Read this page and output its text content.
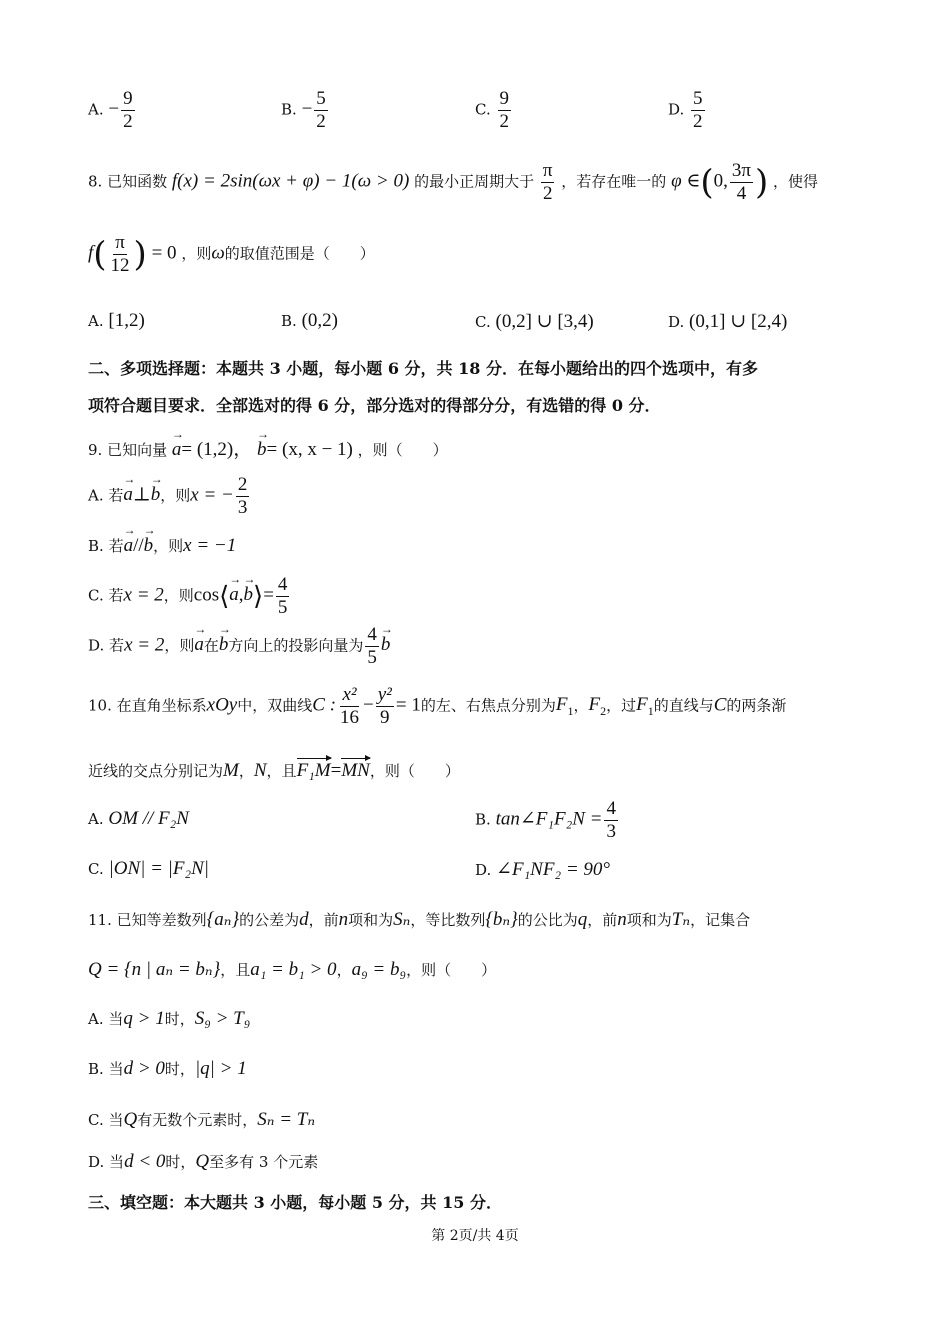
A. − $\frac{9}{2}$	B. − $\frac{5}{2}$	C. $\frac{9}{2}$	D. $\frac{5}{2}$
8. 已知函数 f(x) = 2sin(ωx + φ) − 1(ω > 0) 的最小正周期大于 $\frac{\pi}{2}$ ，若存在唯一的 φ ∈(0, $\frac{3\pi}{4}$ ) ，使得
$f( \frac{\pi}{12}$ ) = 0 ，则ω的取值范围是（　　）
A. [1,2)	B. (0,2)	C. (0,2] ∪ [3,4)	D. (0,1] ∪ [2,4)
二、多项选择题：本题共 3 小题，每小题 6 分，共 18 分．在每小题给出的四个选项中，有多
项符合题目要求．全部选对的得 6 分，部分选对的得部分分，有选错的得 0 分．
9. 已知向量 → a= (1,2)， → b= (x, x − 1) ，则（　　）
A. 若→ a⊥→ b，则x = − $\frac{2}{3}$
B. 若→ a//→ b，则x = −1
C. 若x = 2，则cos⟨→ a,→ b⟩= $\frac{4}{5}$
D. 若x = 2，则→ a在→ b方向上的投影向量为 $\frac{4}{5}$
→ b
10. 在直角坐标系xOy中，双曲线C : $\frac{\text{x²}}{16} - \frac{\text{y²}}{9} = 1$的左、右焦点分别为$F_1$，$F_2$，过$F_1$的直线与C的两条渐
近线的交点分别记为M，N，且F₁M=MN，则（　　）
A. OM // F₂N	B. tan∠F₁F₂N = $\frac{4}{3}$
C. |ON| = |F₂N|	D. ∠F₁NF₂ = 90°
11. 已知等差数列{aₙ}的公差为d，前n项和为Sₙ，等比数列{bₙ}的公比为q，前n项和为Tₙ，记集合
Q = {n | aₙ = bₙ}，且a₁ = b₁ > 0，a₉ = b₉，则（　　）
A. 当q > 1时，S₉ > T₉
B. 当d > 0时，|q| > 1
C. 当Q有无数个元素时，Sₙ = Tₙ
D. 当d < 0时，Q至多有 3 个元素
三、填空题：本大题共 3 小题，每小题 5 分，共 15 分．
第 2页/共 4页
